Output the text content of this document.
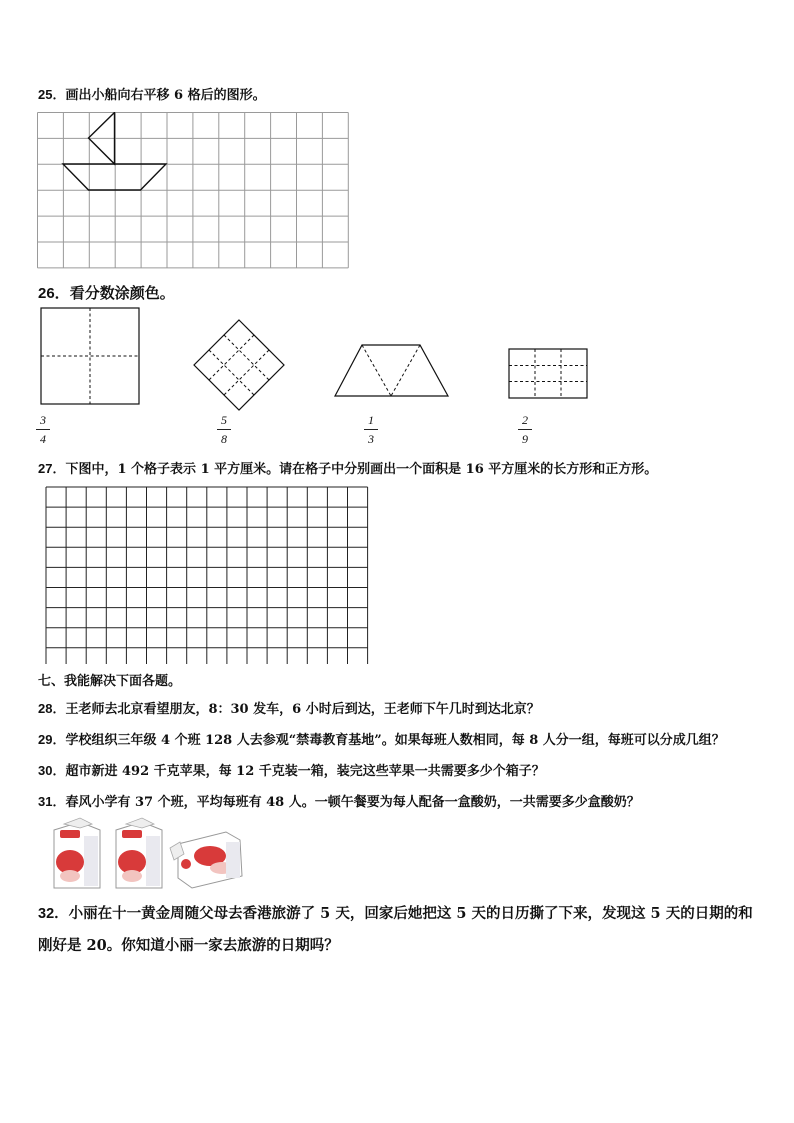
25．画出小船向右平移 6 格后的图形。
26．看分数涂颜色。
3
4
5
8
1
3
2
9
27．下图中，1 个格子表示 1 平方厘米。请在格子中分别画出一个面积是 16 平方厘米的长方形和正方形。
七、我能解决下面各题。
28．王老师去北京看望朋友，8：30 发车，6 小时后到达，王老师下午几时到达北京？
29．学校组织三年级 4 个班 128 人去参观“禁毒教育基地”。如果每班人数相同，每 8 人分一组，每班可以分成几组？
30．超市新进 492 千克苹果，每 12 千克装一箱，装完这些苹果一共需要多少个箱子？
31．春风小学有 37 个班，平均每班有 48 人。一顿午餐要为每人配备一盒酸奶，一共需要多少盒酸奶？
32．小丽在十一黄金周随父母去香港旅游了 5 天，回家后她把这 5 天的日历撕了下来，发现这 5 天的日期的和刚好是 20。你知道小丽一家去旅游的日期吗？
